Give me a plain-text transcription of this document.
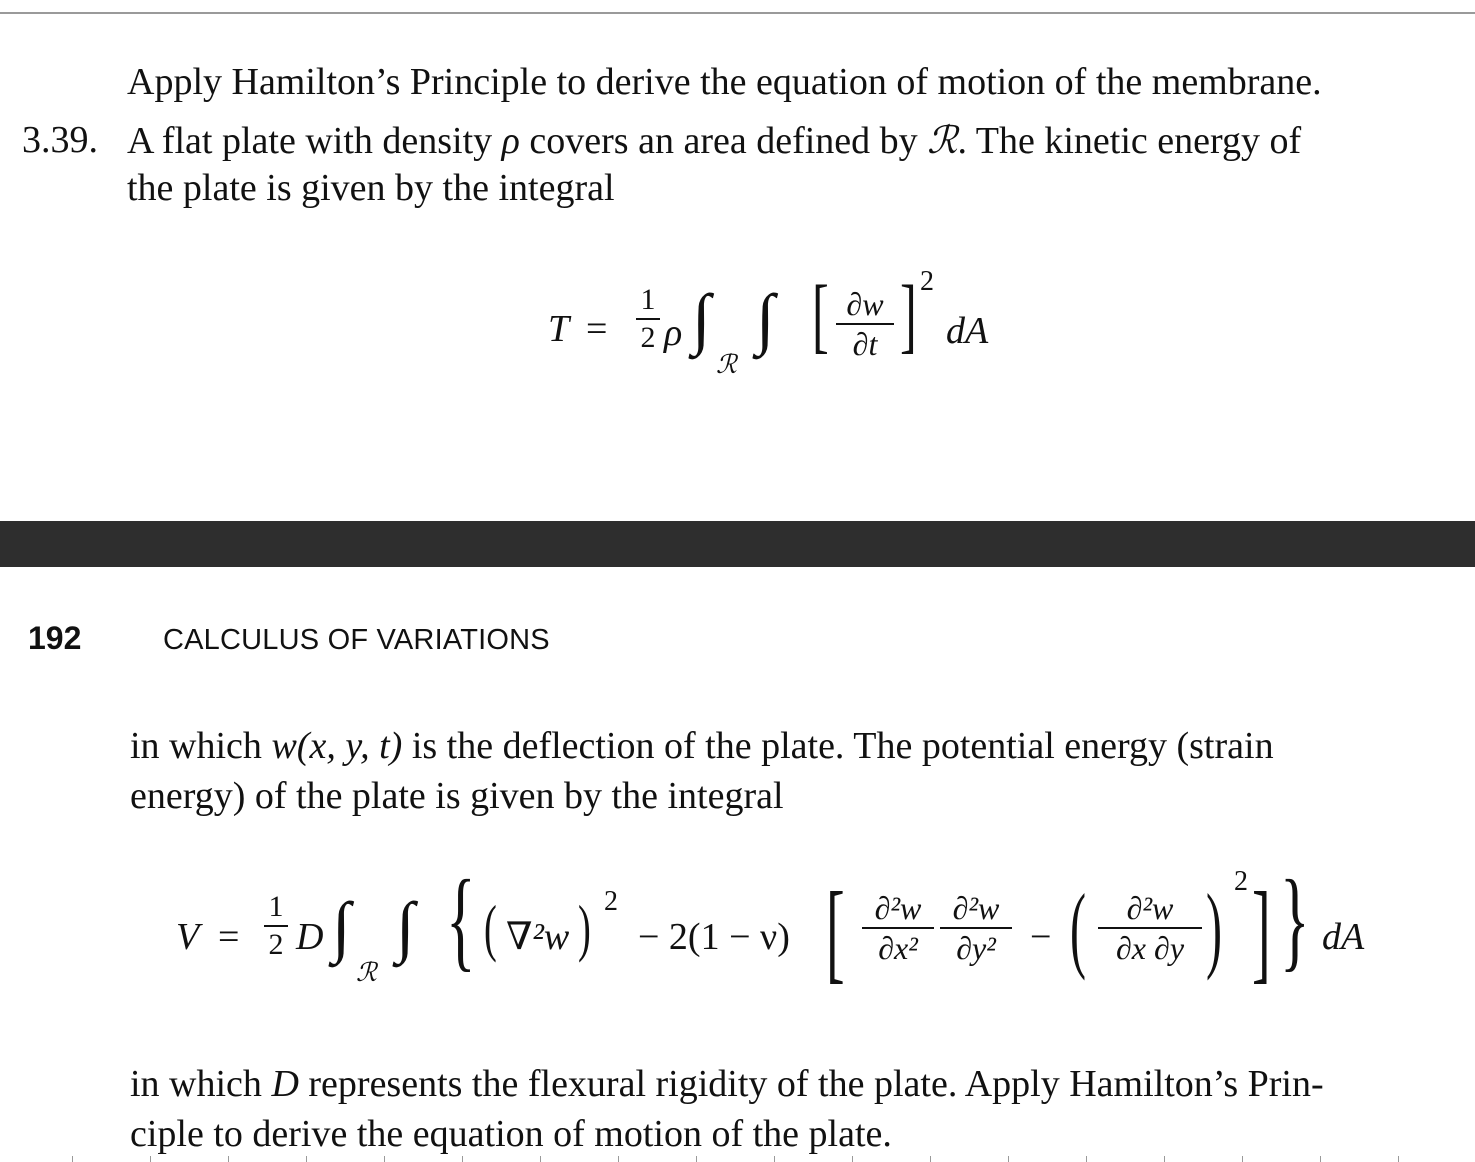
Apply Hamilton’s Principle to derive the equation of motion of the membrane.
3.39. A flat plate with density ρ covers an area defined by ℛ. The kinetic energy of
the plate is given by the integral
T =
1
2 ρ ∫
ℛ
∫ [ ∂w
∂t ] 2
dA
192	CALCULUS OF VARIATIONS
in which w(x, y, t) is the deflection of the plate. The potential energy (strain
energy) of the plate is given by the integral
V =
1
2 D ∫
ℛ
∫ { ( ∇²w ) 2
− 2(1 − ν) [ ∂²w
∂x²
∂²w
∂y² − (	∂²w
∂x ∂y ) 2 ] } dA
in which D represents the flexural rigidity of the plate. Apply Hamilton’s Prin-
ciple to derive the equation of motion of the plate.
